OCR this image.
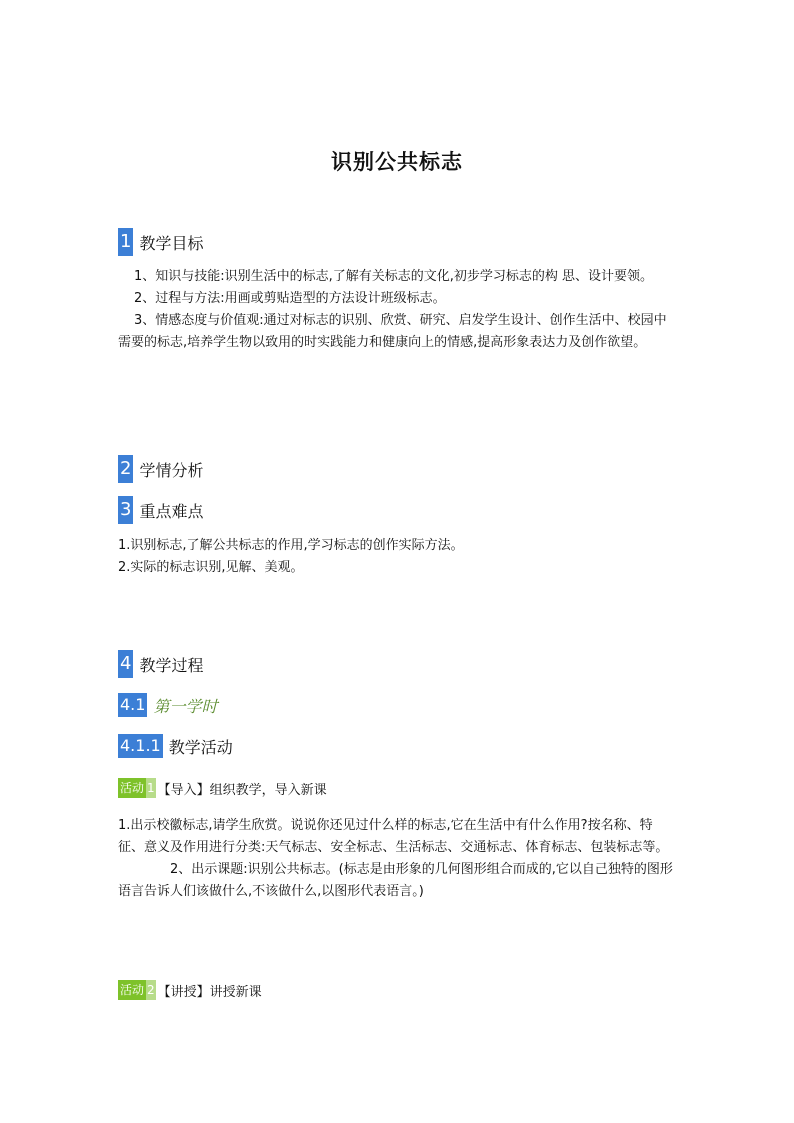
识别公共标志
1 教学目标

1、知识与技能:识别生活中的标志,了解有关标志的文化,初步学习标志的构 思、设计要领。

2、过程与方法:用画或剪贴造型的方法设计班级标志。

3、情感态度与价值观:通过对标志的识别、欣赏、研究、启发学生设计、创作生活中、校园中需要的标志,培养学生物以致用的时实践能力和健康向上的情感,提高形象表达力及创作欲望。

2 学情分析
3 重点难点

1.识别标志,了解公共标志的作用,学习标志的创作实际方法。

2.实际的标志识别,见解、美观。

4 教学过程
4.1 第一学时
4.1.1 教学活动
活动 1 【导入】组织教学，导入新课

1.出示校徽标志,请学生欣赏。说说你还见过什么样的标志,它在生活中有什么作用?按名称、特征、意义及作用进行分类:天气标志、安全标志、生活标志、交通标志、体育标志、包装标志等。

2、出示课题:识别公共标志。(标志是由形象的几何图形组合而成的,它以自己独特的图形语言告诉人们该做什么,不该做什么,以图形代表语言。)

活动 2 【讲授】讲授新课
